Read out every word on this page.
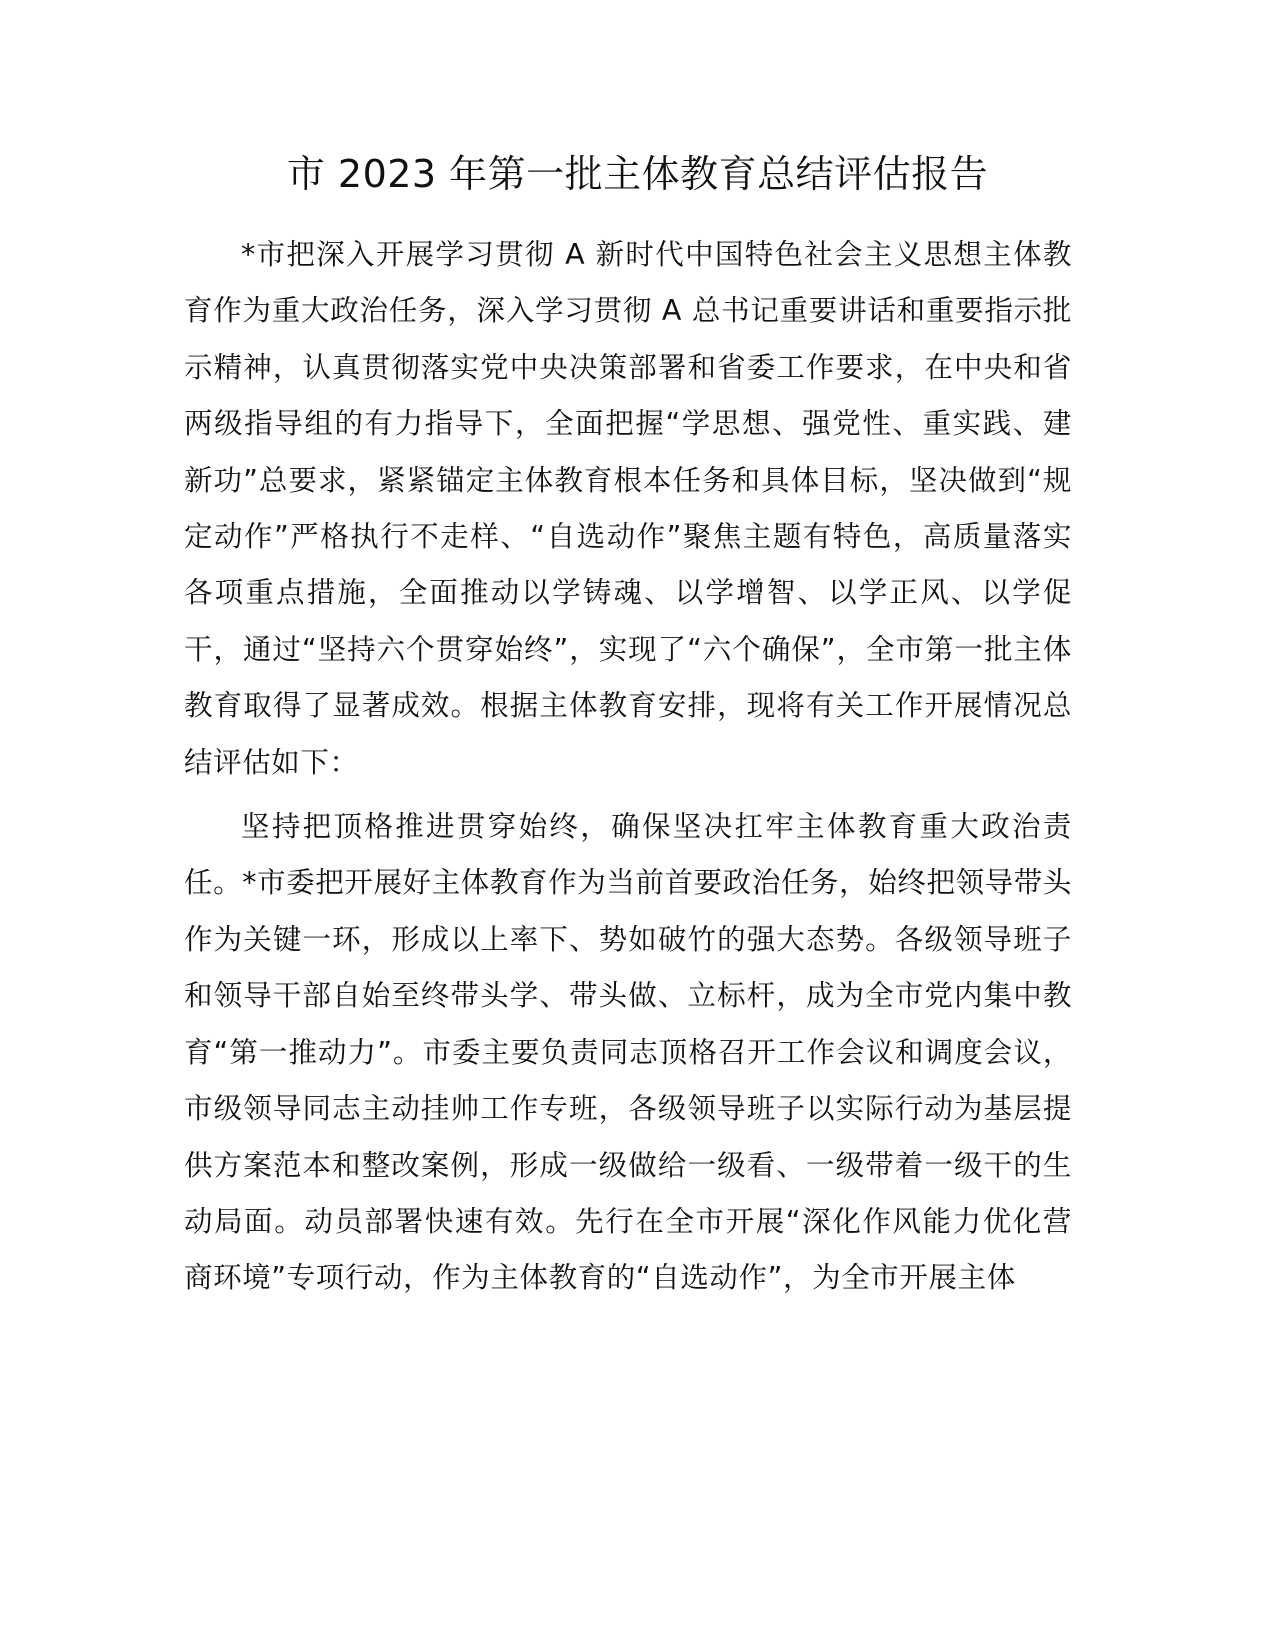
市 2023 年第一批主体教育总结评估报告

*市把深入开展学习贯彻 A 新时代中国特色社会主义思想主体教育作为重大政治任务，深入学习贯彻 A 总书记重要讲话和重要指示批示精神，认真贯彻落实党中央决策部署和省委工作要求，在中央和省两级指导组的有力指导下，全面把握“学思想、强党性、重实践、建新功”总要求，紧紧锚定主体教育根本任务和具体目标，坚决做到“规定动作”严格执行不走样、“自选动作”聚焦主题有特色，高质量落实各项重点措施，全面推动以学铸魂、以学增智、以学正风、以学促干，通过“坚持六个贯穿始终”，实现了“六个确保”，全市第一批主体教育取得了显著成效。根据主体教育安排，现将有关工作开展情况总结评估如下：

坚持把顶格推进贯穿始终，确保坚决扛牢主体教育重大政治责任。*市委把开展好主体教育作为当前首要政治任务，始终把领导带头作为关键一环，形成以上率下、势如破竹的强大态势。各级领导班子和领导干部自始至终带头学、带头做、立标杆，成为全市党内集中教育“第一推动力”。市委主要负责同志顶格召开工作会议和调度会议，市级领导同志主动挂帅工作专班，各级领导班子以实际行动为基层提供方案范本和整改案例，形成一级做给一级看、一级带着一级干的生动局面。动员部署快速有效。先行在全市开展“深化作风能力优化营商环境”专项行动，作为主体教育的“自选动作”，为全市开展主体
